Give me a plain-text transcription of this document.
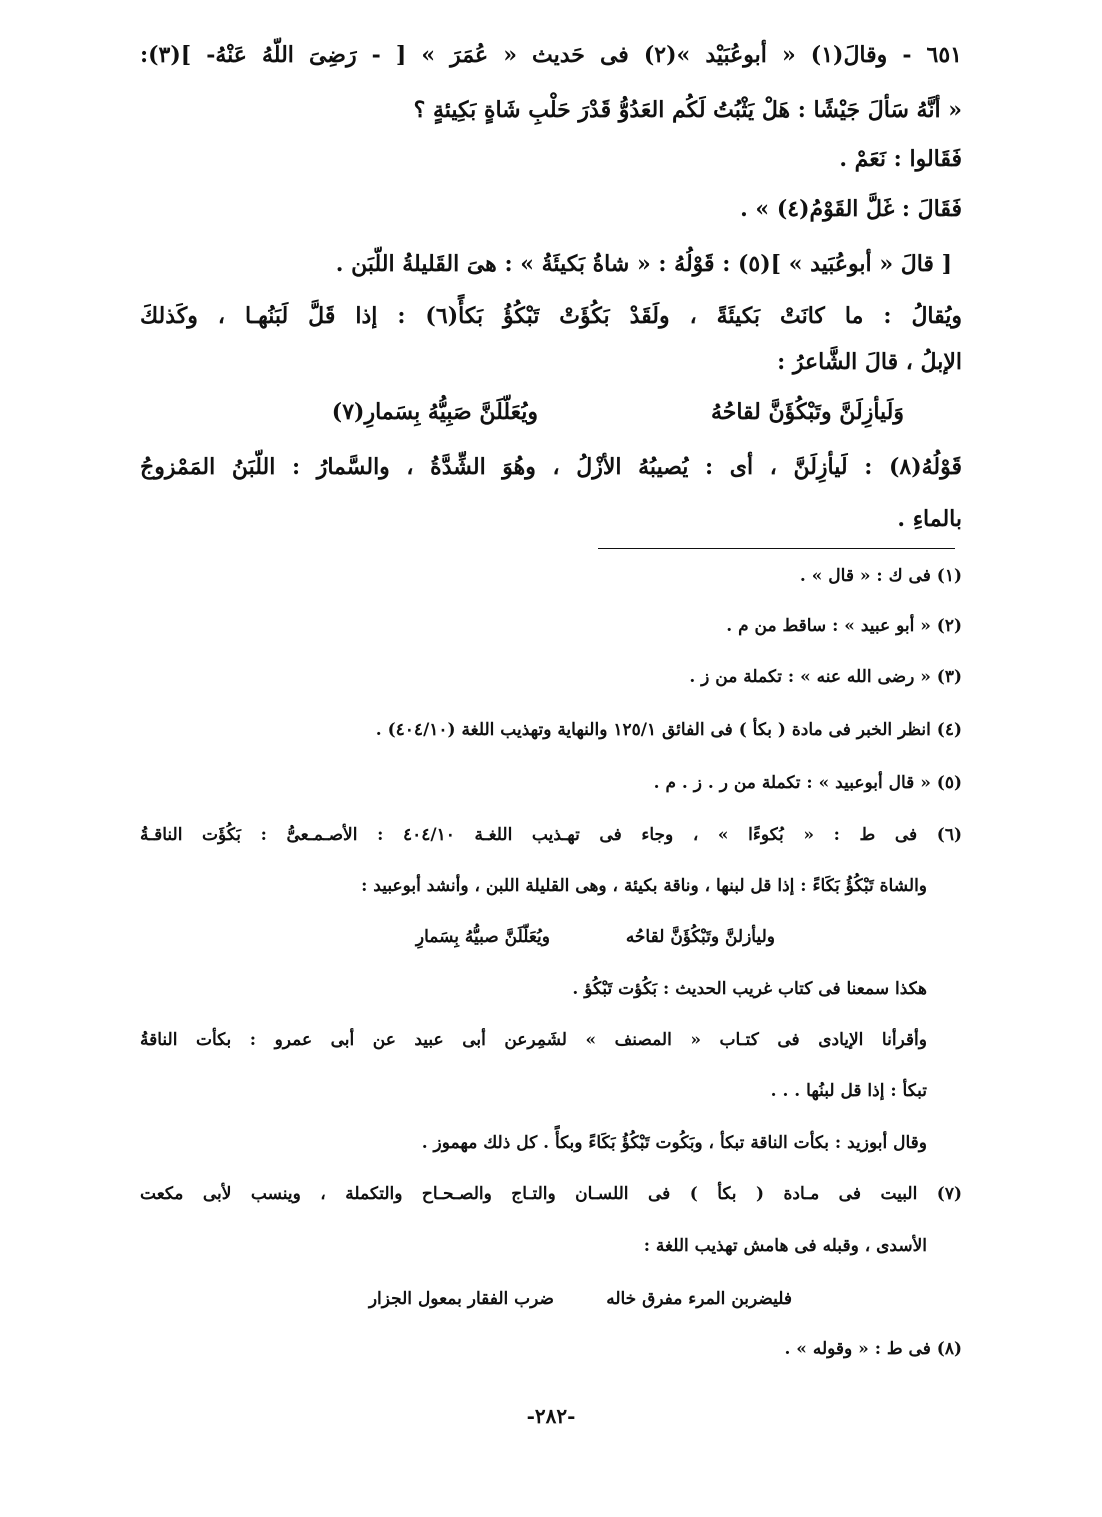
٦٥١ - وقالَ(١) « أبوعُبَيْد »(٢) فى حَديث « عُمَرَ » [ - رَضِىَ اللّهُ عَنْهُ- ](٣):
« أنَّهُ سَألَ جَيْشًا : هَلْ يَثْبُتُ لَكُم العَدُوُّ قَدْرَ حَلْبِ شَاةٍ بَكِيئةٍ ؟
فَقَالوا : نَعَمْ .
فَقَالَ : غَلَّ القَوْمُ(٤) » .
[ قالَ « أبوعُبَيد » ](٥) : قَوْلُهُ : « شاةُ بَكيئَةُ » : هىَ القَليلةُ اللّبَن .
ويُقالُ : ما كانَتْ بَكيئَةً ، ولَقَدْ بَكُؤَتْ تَبْكُؤُ بَكأً(٦) : إذا قَلَّ لَبَنُهـا ، وكَذلكَ
الإبلُ ، قالَ الشَّاعرُ :
وَلَيأزِلَنَّ وتَبْكُؤَنَّ لقاحُهُ
ويُعَلّلَنَّ صَبِيُّهُ بِسَمارِ(٧)
قَوْلُهُ(٨) : لَيأزِلَنَّ ، أى : يُصيبُهُ الأزْلُ ، وهُوَ الشِّدَّةُ ، والسَّمارُ : اللّبَنُ المَمْزوجُ
بالماءِ .
(١) فى ك : « قال » .
(٢) « أبو عبيد » : ساقط من م .
(٣) « رضى الله عنه » : تكملة من ز .
(٤) انظر الخبر فى مادة ( بكأ ) فى الفائق ١٢٥/١ والنهاية وتهذيب اللغة (٤٠٤/١٠) .
(٥) « قال أبوعبيد » : تكملة من ر . ز . م .
(٦) فى ط : « بُكوءًا » ، وجاء فى تهـذيب اللغـة ٤٠٤/١٠ : الأصـمـعىُّ : بَكُؤَت الناقـةُ
والشاة تَبْكُؤُ بَكَاءً : إذا قل لبنها ، وناقة بكيئة ، وهى القليلة اللبن ، وأنشد أبوعبيد :
وليأزلنَّ وتَبْكُؤَنَّ لقاحُه
ويُعَلّلَنَّ صبيُّهُ بِسَمارِ
هكذا سمعنا فى كتاب غريب الحديث : بَكُؤت تَبْكُؤ .
وأقرأنا الإيادى فى كتـاب « المصنف » لشَمِرعن أبى عبيد عن أبى عمرو : بكأت الناقةُ
تبكأ : إذا قل لبنُها . . .
وقال أبوزيد : بكأت الناقة تبكأ ، وبَكُوت تَبْكُؤُ بَكَاءً وبكأً . كل ذلك مهموز .
(٧) البيت فى مـادة ( بكأ ) فى اللسـان والتـاج والصـحـاح والتكملة ، وينسب لأبى مكعت
الأسدى ، وقبله فى هامش تهذيب اللغة :
فليضربن المرء مفرق خاله
ضرب الفقار بمعول الجزار
(٨) فى ط : « وقوله » .
-٢٨٢-
